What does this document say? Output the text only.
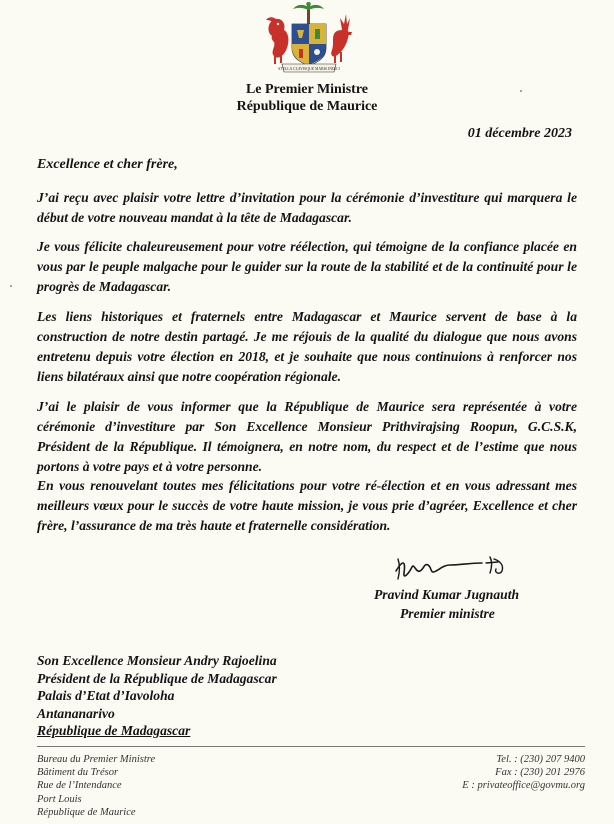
STELLA CLAVISQUE MARIS INDICI
Le Premier Ministre
République de Maurice
01 décembre 2023
Excellence et cher frère,

J’ai reçu avec plaisir votre lettre d’invitation pour la cérémonie d’investiture qui marquera le début de votre nouveau mandat à la tête de Madagascar.

Je vous félicite chaleureusement pour votre réélection, qui témoigne de la confiance placée en vous par le peuple malgache pour le guider sur la route de la stabilité et de la continuité pour le progrès de Madagascar.

Les liens historiques et fraternels entre Madagascar et Maurice servent de base à la construction de notre destin partagé. Je me réjouis de la qualité du dialogue que nous avons entretenu depuis votre élection en 2018, et je souhaite que nous continuions à renforcer nos liens bilatéraux ainsi que notre coopération régionale.

J’ai le plaisir de vous informer que la République de Maurice sera représentée à votre cérémonie d’investiture par Son Excellence Monsieur Prithvirajsing Roopun, G.C.S.K, Président de la République. Il témoignera, en notre nom, du respect et de l’estime que nous portons à votre pays et à votre personne.

En vous renouvelant toutes mes félicitations pour votre ré-élection et en vous adressant mes meilleurs vœux pour le succès de votre haute mission, je vous prie d’agréer, Excellence et cher frère, l’assurance de ma très haute et fraternelle considération.

Pravind Kumar Jugnauth
Premier ministre
Son Excellence Monsieur Andry Rajoelina
Président de la République de Madagascar
Palais d’Etat d’Iavoloha
Antananarivo
République de Madagascar
Bureau du Premier Ministre
Bâtiment du Trésor
Rue de l’Intendance
Port Louis
République de Maurice
Tel. : (230) 207 9400
Fax : (230) 201 2976
E : privateoffice@govmu.org
